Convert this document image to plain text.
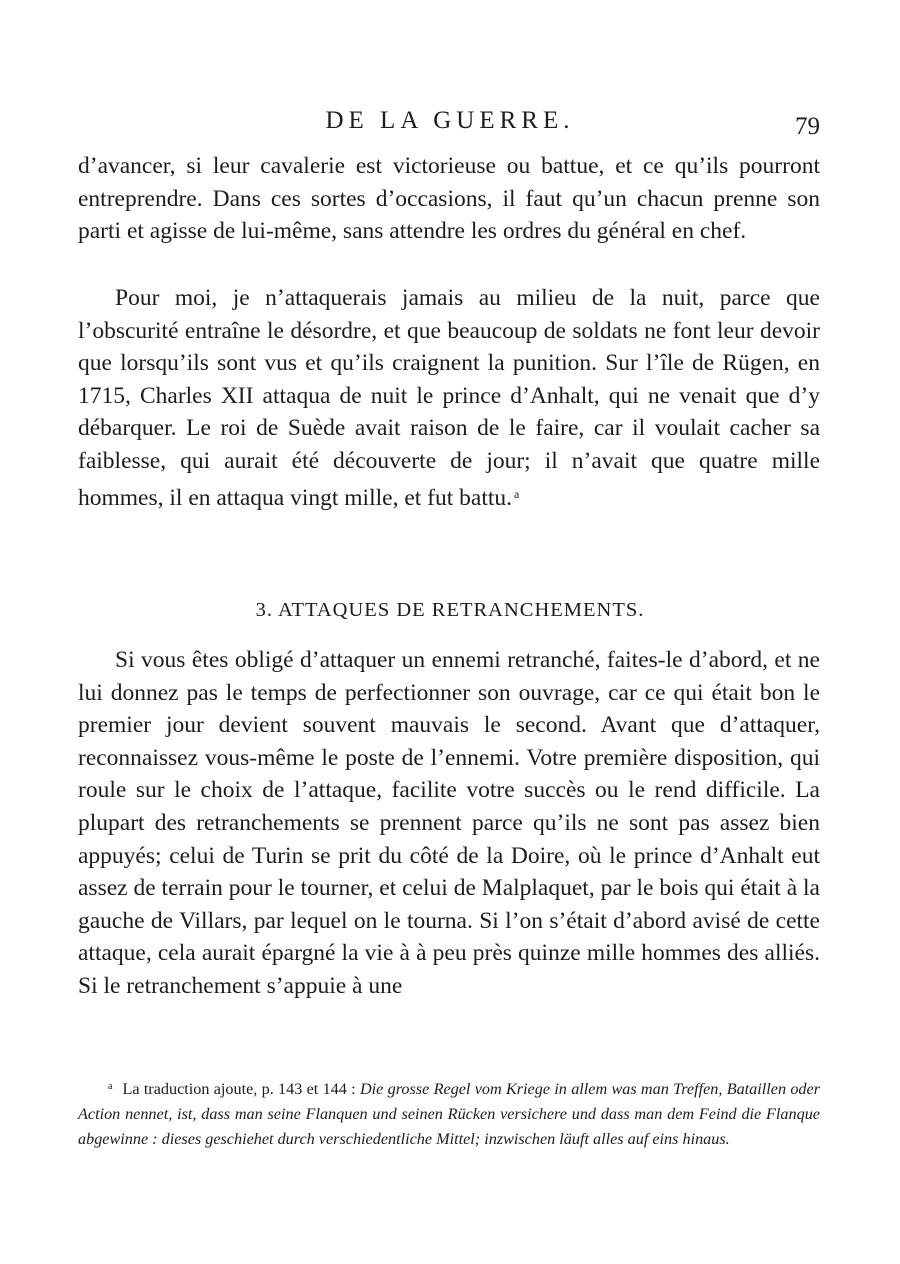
DE LA GUERRE.	79

d’avancer, si leur cavalerie est victorieuse ou battue, et ce qu’ils pourront entreprendre. Dans ces sortes d’occasions, il faut qu’un chacun prenne son parti et agisse de lui-même, sans attendre les ordres du général en chef.

Pour moi, je n’attaquerais jamais au milieu de la nuit, parce que l’obscurité entraîne le désordre, et que beaucoup de soldats ne font leur devoir que lorsqu’ils sont vus et qu’ils craignent la punition. Sur l’île de Rügen, en 1715, Charles XII attaqua de nuit le prince d’Anhalt, qui ne venait que d’y débarquer. Le roi de Suède avait raison de le faire, car il voulait cacher sa faiblesse, qui aurait été découverte de jour; il n’avait que quatre mille hommes, il en attaqua vingt mille, et fut battu. $^a$

3. ATTAQUES DE RETRANCHEMENTS.

Si vous êtes obligé d’attaquer un ennemi retranché, faites-le d’abord, et ne lui donnez pas le temps de perfectionner son ouvrage, car ce qui était bon le premier jour devient souvent mauvais le second. Avant que d’attaquer, reconnaissez vous-même le poste de l’ennemi. Votre première disposition, qui roule sur le choix de l’attaque, facilite votre succès ou le rend difficile. La plupart des retranchements se prennent parce qu’ils ne sont pas assez bien appuyés; celui de Turin se prit du côté de la Doire, où le prince d’Anhalt eut assez de terrain pour le tourner, et celui de Malplaquet, par le bois qui était à la gauche de Villars, par lequel on le tourna. Si l’on s’était d’abord avisé de cette attaque, cela aurait épargné la vie à à peu près quinze mille hommes des alliés. Si le retranchement s’appuie à une

$^a$ La traduction ajoute, p. 143 et 144 : Die grosse Regel vom Kriege in allem was man Treffen, Bataillen oder Action nennet, ist, dass man seine Flanquen und seinen Rücken versichere und dass man dem Feind die Flanque abgewinne : dieses geschiehet durch verschiedentliche Mittel; inzwischen läuft alles auf eins hinaus.
